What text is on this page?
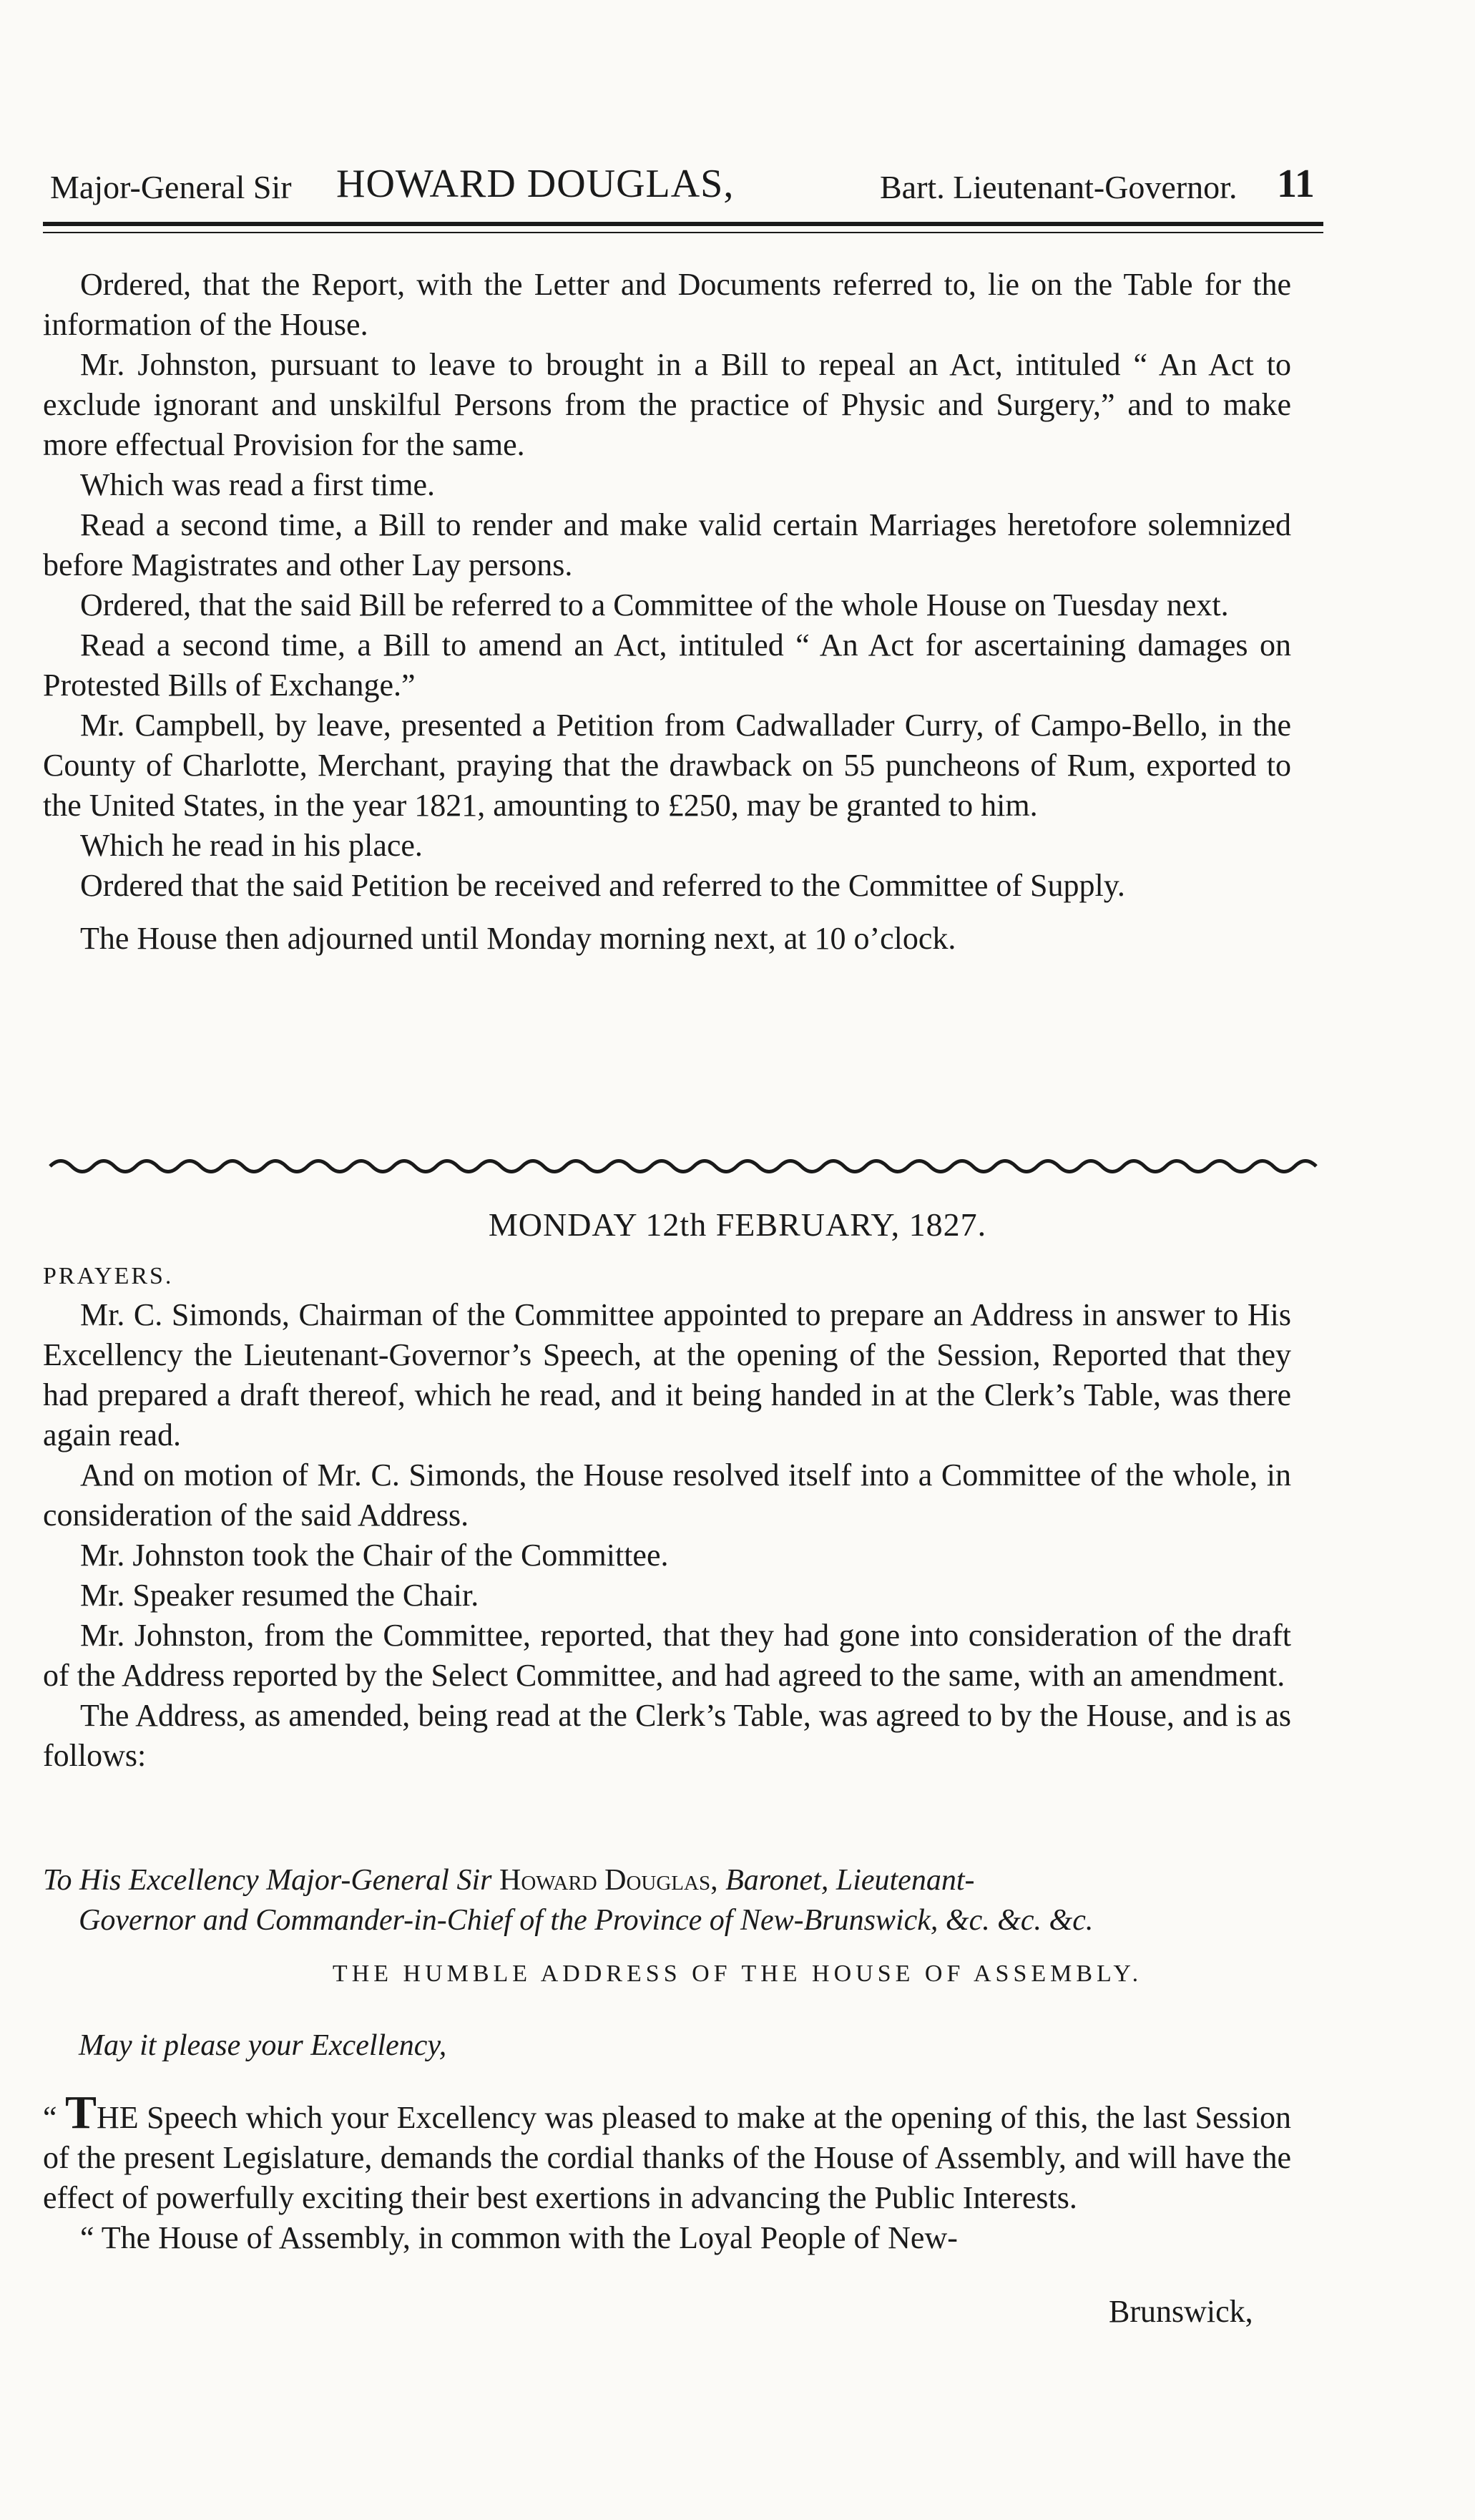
Major-General Sir HOWARD DOUGLAS,	Bart. Lieutenant-Governor. 11

Ordered, that the Report, with the Letter and Documents referred to, lie on the Table for the information of the House.

Mr. Johnston, pursuant to leave to brought in a Bill to repeal an Act, intituled “ An Act to exclude ignorant and unskilful Persons from the practice of Physic and Surgery,” and to make more effectual Provision for the same.

Which was read a first time.

Read a second time, a Bill to render and make valid certain Marriages heretofore solemnized before Magistrates and other Lay persons.

Ordered, that the said Bill be referred to a Committee of the whole House on Tuesday next.

Read a second time, a Bill to amend an Act, intituled “ An Act for ascertaining damages on Protested Bills of Exchange.”

Mr. Campbell, by leave, presented a Petition from Cadwallader Curry, of Campo-Bello, in the County of Charlotte, Merchant, praying that the drawback on 55 puncheons of Rum, exported to the United States, in the year 1821, amounting to £250, may be granted to him.

Which he read in his place.

Ordered that the said Petition be received and referred to the Committee of Supply.

The House then adjourned until Monday morning next, at 10 o’clock.

MONDAY 12th FEBRUARY, 1827.
PRAYERS.

Mr. C. Simonds, Chairman of the Committee appointed to prepare an Address in answer to His Excellency the Lieutenant-Governor’s Speech, at the opening of the Session, Reported that they had prepared a draft thereof, which he read, and it being handed in at the Clerk’s Table, was there again read.

And on motion of Mr. C. Simonds, the House resolved itself into a Committee of the whole, in consideration of the said Address.

Mr. Johnston took the Chair of the Committee.

Mr. Speaker resumed the Chair.

Mr. Johnston, from the Committee, reported, that they had gone into consideration of the draft of the Address reported by the Select Committee, and had agreed to the same, with an amendment.

The Address, as amended, being read at the Clerk’s Table, was agreed to by the House, and is as follows:

To His Excellency Major-General Sir Howard Douglas, Baronet, Lieutenant-
Governor and Commander-in-Chief of the Province of New-Brunswick, &c. &c. &c.
THE HUMBLE ADDRESS OF THE HOUSE OF ASSEMBLY.
May it please your Excellency,
“ THE Speech which your Excellency was pleased to make at the opening of this, the last Session of the present Legislature, demands the cordial thanks of the House of Assembly, and will have the effect of powerfully exciting their best exertions in advancing the Public Interests.
“ The House of Assembly, in common with the Loyal People of New-
Brunswick,
